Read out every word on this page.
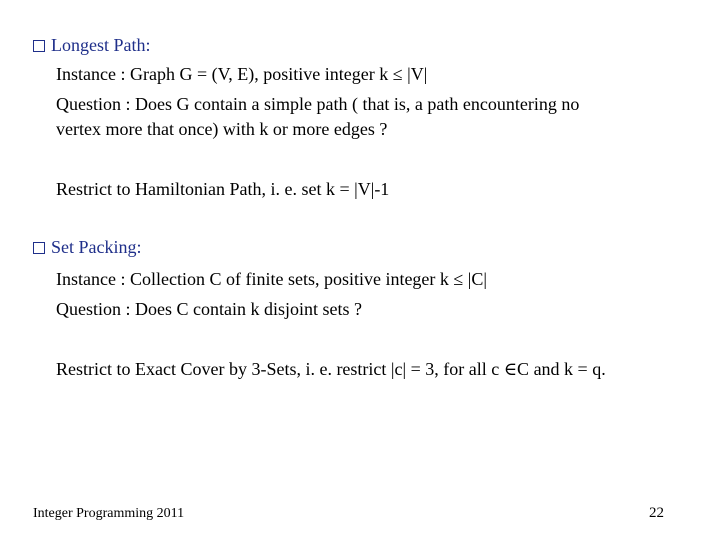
Longest Path:
Instance : Graph G = (V, E), positive integer k ≤ |V|
Question : Does G contain a simple path ( that is, a path encountering no
vertex more that once) with k or more edges ?
Restrict to Hamiltonian Path, i. e. set k = |V|-1
Set Packing:
Instance : Collection C of finite sets, positive integer k ≤ |C|
Question : Does C contain k disjoint sets ?
Restrict to Exact Cover by 3-Sets, i. e. restrict |c| = 3, for all c ∈C and k = q.
Integer Programming 2011	22
